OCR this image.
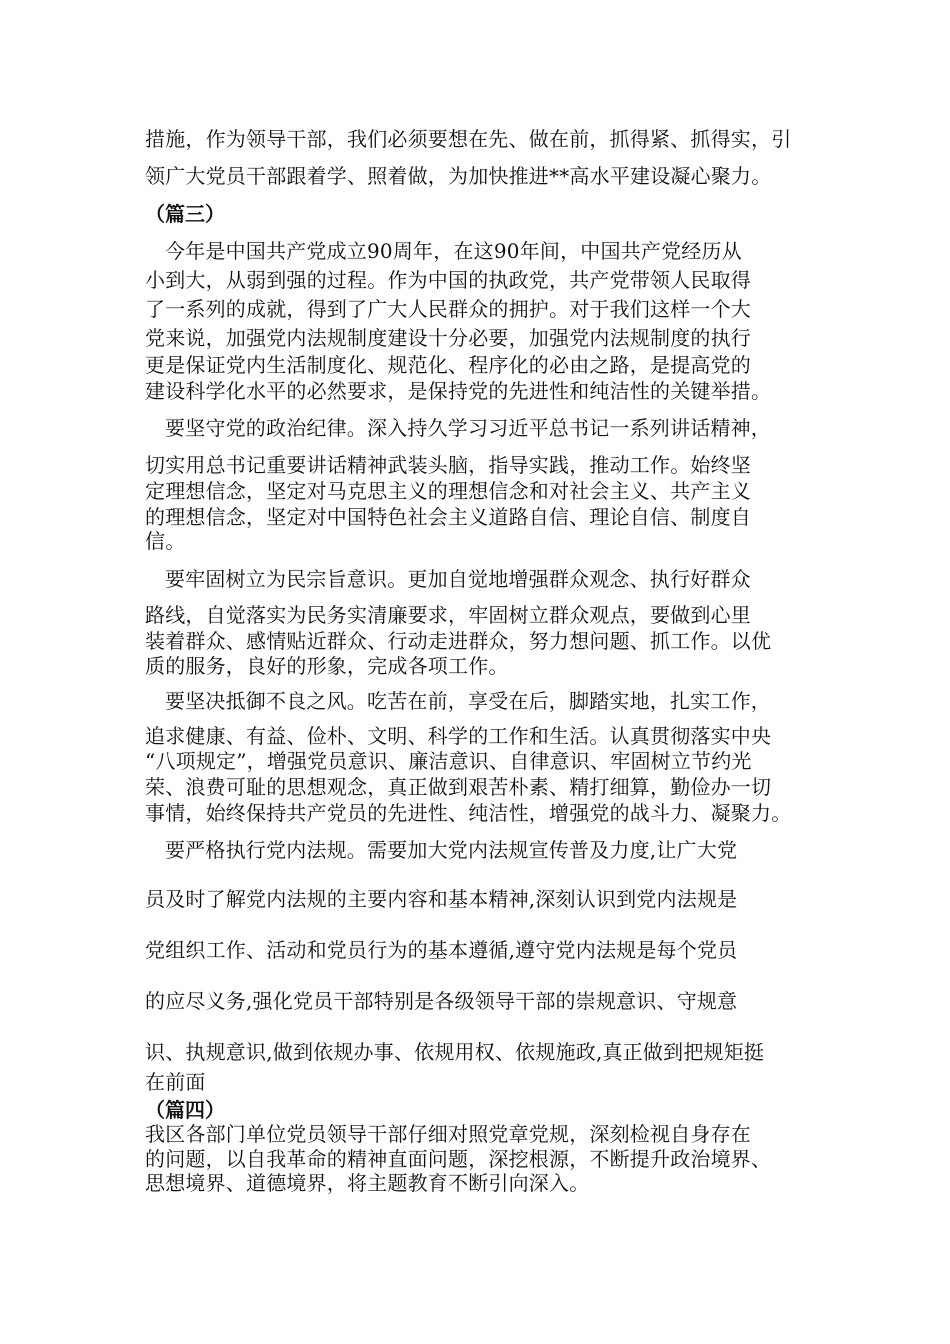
措施，作为领导干部，我们必须要想在先、做在前，抓得紧、抓得实，引
领广大党员干部跟着学、照着做，为加快推进**高水平建设凝心聚力。
（篇三）
今年是中国共产党成立90周年，在这90年间，中国共产党经历从
小到大，从弱到强的过程。作为中国的执政党，共产党带领人民取得
了一系列的成就，得到了广大人民群众的拥护。对于我们这样一个大
党来说，加强党内法规制度建设十分必要，加强党内法规制度的执行
更是保证党内生活制度化、规范化、程序化的必由之路，是提高党的
建设科学化水平的必然要求，是保持党的先进性和纯洁性的关键举措。
要坚守党的政治纪律。深入持久学习习近平总书记一系列讲话精神，
切实用总书记重要讲话精神武装头脑，指导实践，推动工作。始终坚
定理想信念，坚定对马克思主义的理想信念和对社会主义、共产主义
的理想信念，坚定对中国特色社会主义道路自信、理论自信、制度自
信。
要牢固树立为民宗旨意识。更加自觉地增强群众观念、执行好群众
路线，自觉落实为民务实清廉要求，牢固树立群众观点，要做到心里
装着群众、感情贴近群众、行动走进群众，努力想问题、抓工作。以优
质的服务，良好的形象，完成各项工作。
要坚决抵御不良之风。吃苦在前，享受在后，脚踏实地，扎实工作，
追求健康、有益、俭朴、文明、科学的工作和生活。认真贯彻落实中央
“八项规定”，增强党员意识、廉洁意识、自律意识、牢固树立节约光
荣、浪费可耻的思想观念，真正做到艰苦朴素、精打细算，勤俭办一切
事情，始终保持共产党员的先进性、纯洁性，增强党的战斗力、凝聚力。
要严格执行党内法规。需要加大党内法规宣传普及力度,让广大党
员及时了解党内法规的主要内容和基本精神,深刻认识到党内法规是
党组织工作、活动和党员行为的基本遵循,遵守党内法规是每个党员
的应尽义务,强化党员干部特别是各级领导干部的崇规意识、守规意
识、执规意识,做到依规办事、依规用权、依规施政,真正做到把规矩挺
在前面
（篇四）
我区各部门单位党员领导干部仔细对照党章党规，深刻检视自身存在
的问题，以自我革命的精神直面问题，深挖根源，不断提升政治境界、
思想境界、道德境界，将主题教育不断引向深入。
